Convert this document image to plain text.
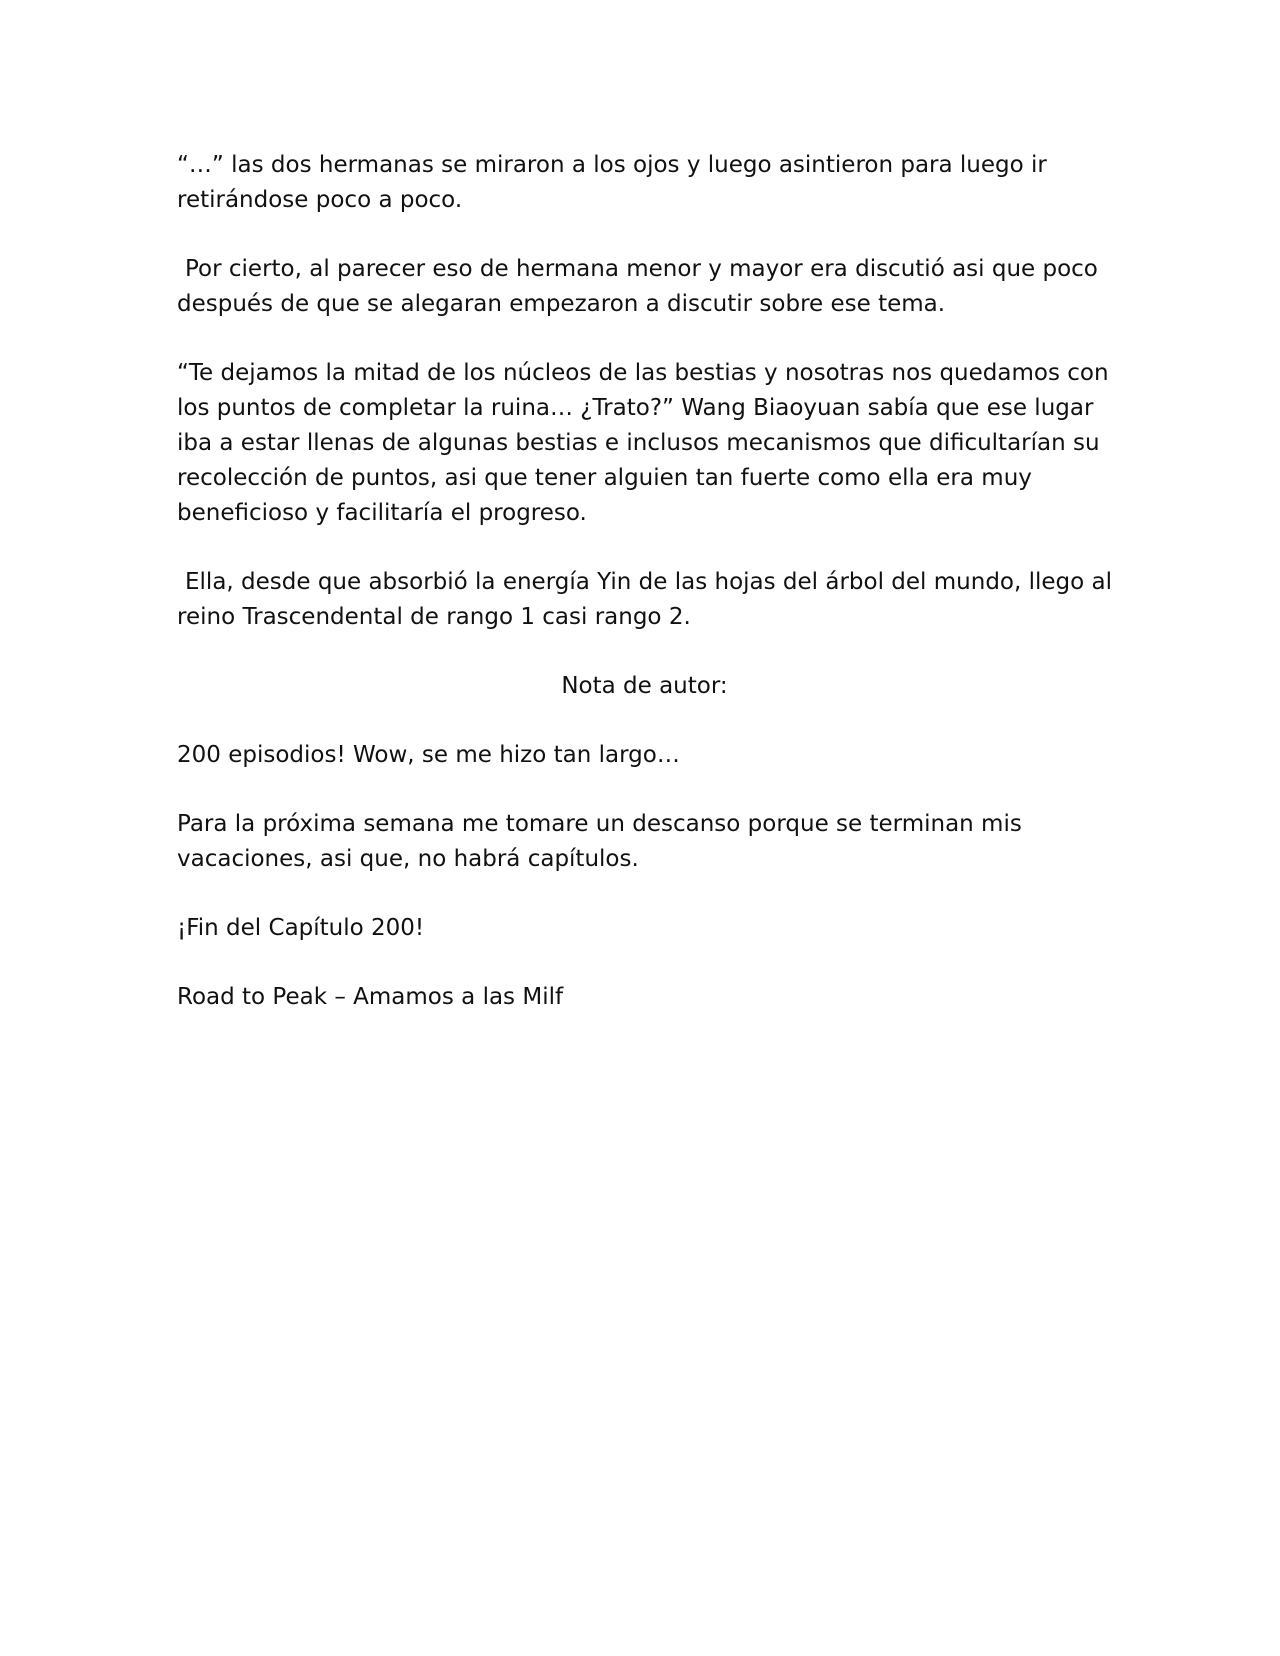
“…” las dos hermanas se miraron a los ojos y luego asintieron para luego ir retirándose poco a poco.

Por cierto, al parecer eso de hermana menor y mayor era discutió asi que poco después de que se alegaran empezaron a discutir sobre ese tema.

“Te dejamos la mitad de los núcleos de las bestias y nosotras nos quedamos con los puntos de completar la ruina… ¿Trato?” Wang Biaoyuan sabía que ese lugar iba a estar llenas de algunas bestias e inclusos mecanismos que dificultarían su recolección de puntos, asi que tener alguien tan fuerte como ella era muy beneficioso y facilitaría el progreso.

Ella, desde que absorbió la energía Yin de las hojas del árbol del mundo, llego al reino Trascendental de rango 1 casi rango 2.

Nota de autor:

200 episodios! Wow, se me hizo tan largo…

Para la próxima semana me tomare un descanso porque se terminan mis vacaciones, asi que, no habrá capítulos.

¡Fin del Capítulo 200!

Road to Peak – Amamos a las Milf
